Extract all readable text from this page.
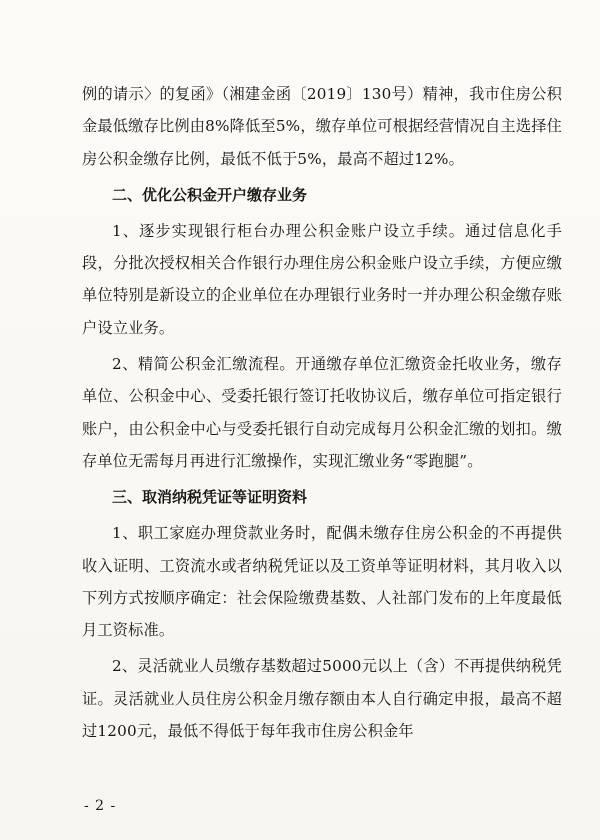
例的请示〉的复函》（湘建金函〔2019〕130号）精神，我市住房公积金最低缴存比例由8%降低至5%，缴存单位可根据经营情况自主选择住房公积金缴存比例，最低不低于5%，最高不超过12%。

二、优化公积金开户缴存业务

1、逐步实现银行柜台办理公积金账户设立手续。通过信息化手段，分批次授权相关合作银行办理住房公积金账户设立手续，方便应缴单位特别是新设立的企业单位在办理银行业务时一并办理公积金缴存账户设立业务。

2、精简公积金汇缴流程。开通缴存单位汇缴资金托收业务，缴存单位、公积金中心、受委托银行签订托收协议后，缴存单位可指定银行账户，由公积金中心与受委托银行自动完成每月公积金汇缴的划扣。缴存单位无需每月再进行汇缴操作，实现汇缴业务“零跑腿”。

三、取消纳税凭证等证明资料

1、职工家庭办理贷款业务时，配偶未缴存住房公积金的不再提供收入证明、工资流水或者纳税凭证以及工资单等证明材料，其月收入以下列方式按顺序确定：社会保险缴费基数、人社部门发布的上年度最低月工资标准。

2、灵活就业人员缴存基数超过5000元以上（含）不再提供纳税凭证。灵活就业人员住房公积金月缴存额由本人自行确定申报，最高不超过1200元，最低不得低于每年我市住房公积金年

- 2 -
